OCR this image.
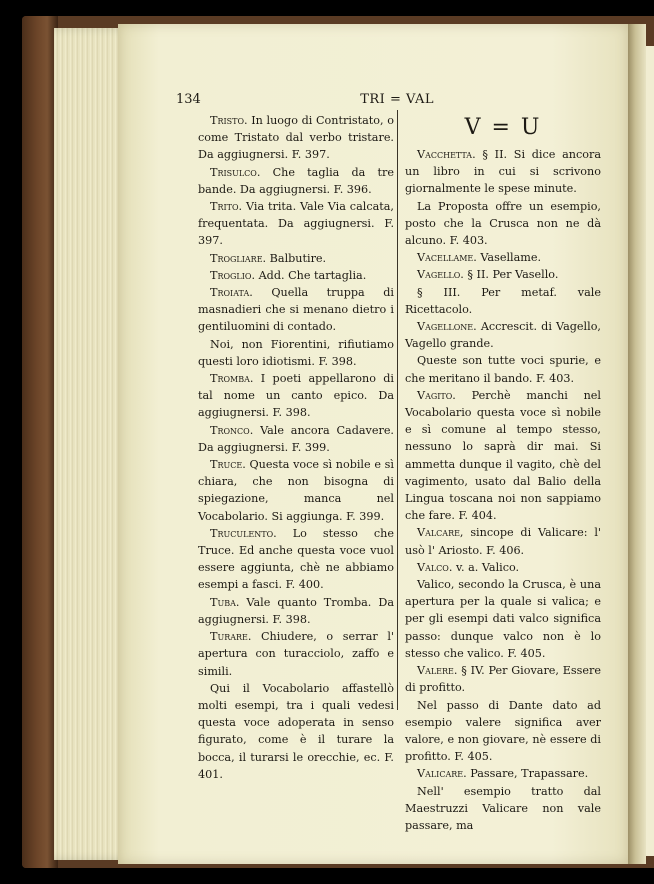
134	TRI = VAL

Tristo. In luogo di Contristato, o come Tristato dal verbo tristare. Da aggiugnersi. F. 397.

Trisulco. Che taglia da tre bande. Da aggiugnersi. F. 396.

Trito. Via trita. Vale Via calcata, frequentata. Da aggiugnersi. F. 397.

Trogliare. Balbutire.

Troglio. Add. Che tartaglia.

Troiata. Quella truppa di masnadieri che si menano dietro i gentiluomini di contado.

Noi, non Fiorentini, rifiutiamo questi loro idiotismi. F. 398.

Tromba. I poeti appellarono di tal nome un canto epico. Da aggiugnersi. F. 398.

Tronco. Vale ancora Cadavere. Da aggiugnersi. F. 399.

Truce. Questa voce sì nobile e sì chiara, che non bisogna di spiegazione, manca nel Vocabolario. Si aggiunga. F. 399.

Truculento. Lo stesso che Truce. Ed anche questa voce vuol essere aggiunta, chè ne abbiamo esempi a fasci. F. 400.

Tuba. Vale quanto Tromba. Da aggiugnersi. F. 398.

Turare. Chiudere, o serrar l' apertura con turacciolo, zaffo e simili.

Qui il Vocabolario affastellò molti esempi, tra i quali vedesi questa voce adoperata in senso figurato, come è il turare la bocca, il turarsi le orecchie, ec. F. 401.

V = U

Vacchetta. § II. Si dice ancora un libro in cui si scrivono giornalmente le spese minute.

La Proposta offre un esempio, posto che la Crusca non ne dà alcuno. F. 403.

Vacellame. Vasellame.

Vagello. § II. Per Vasello.

§ III. Per metaf. vale Ricettacolo.

Vagellone. Accrescit. di Vagello, Vagello grande.

Queste son tutte voci spurie, e che meritano il bando. F. 403.

Vagito. Perchè manchi nel Vocabolario questa voce sì nobile e sì comune al tempo stesso, nessuno lo saprà dir mai. Si ammetta dunque il vagito, chè del vagimento, usato dal Balio della Lingua toscana noi non sappiamo che fare. F. 404.

Valcare, sincope di Valicare: l' usò l' Ariosto. F. 406.

Valco. v. a. Valico.

Valico, secondo la Crusca, è una apertura per la quale si valica; e per gli esempi dati valco significa passo: dunque valco non è lo stesso che valico. F. 405.

Valere. § IV. Per Giovare, Essere di profitto.

Nel passo di Dante dato ad esempio valere significa aver valore, e non giovare, nè essere di profitto. F. 405.

Valicare. Passare, Trapassare.

Nell' esempio tratto dal Maestruzzi Valicare non vale passare, ma
